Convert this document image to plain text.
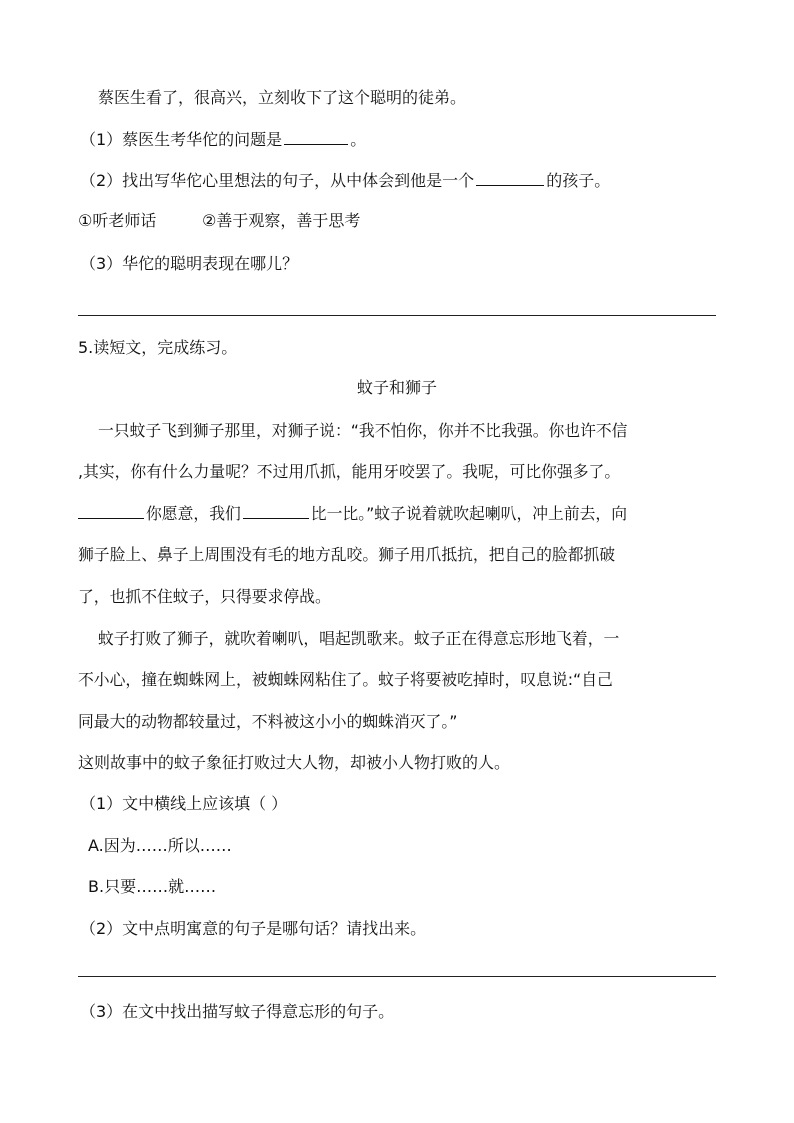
蔡医生看了，很高兴，立刻收下了这个聪明的徒弟。
（1）蔡医生考华佗的问题是	。
（2）找出写华佗心里想法的句子，从中体会到他是一个	的孩子。
①听老师话	②善于观察，善于思考
（3）华佗的聪明表现在哪儿？
5.读短文，完成练习。
蚊子和狮子
一只蚊子飞到狮子那里，对狮子说：“我不怕你，你并不比我强。你也许不信
,其实，你有什么力量呢？不过用爪抓，能用牙咬罢了。我呢，可比你强多了。
你愿意，我们	比一比。”蚊子说着就吹起喇叭，冲上前去，向
狮子脸上、鼻子上周围没有毛的地方乱咬。狮子用爪抵抗，把自己的脸都抓破
了，也抓不住蚊子，只得要求停战。
蚊子打败了狮子，就吹着喇叭，唱起凯歌来。蚊子正在得意忘形地飞着，一
不小心，撞在蜘蛛网上，被蜘蛛网粘住了。蚊子将要被吃掉时，叹息说:“自己
同最大的动物都较量过，不料被这小小的蜘蛛消灭了。”
这则故事中的蚊子象征打败过大人物，却被小人物打败的人。
（1）文中横线上应该填（ ）
A.因为……所以……
B.只要……就……
（2）文中点明寓意的句子是哪句话？请找出来。
（3）在文中找出描写蚊子得意忘形的句子。
